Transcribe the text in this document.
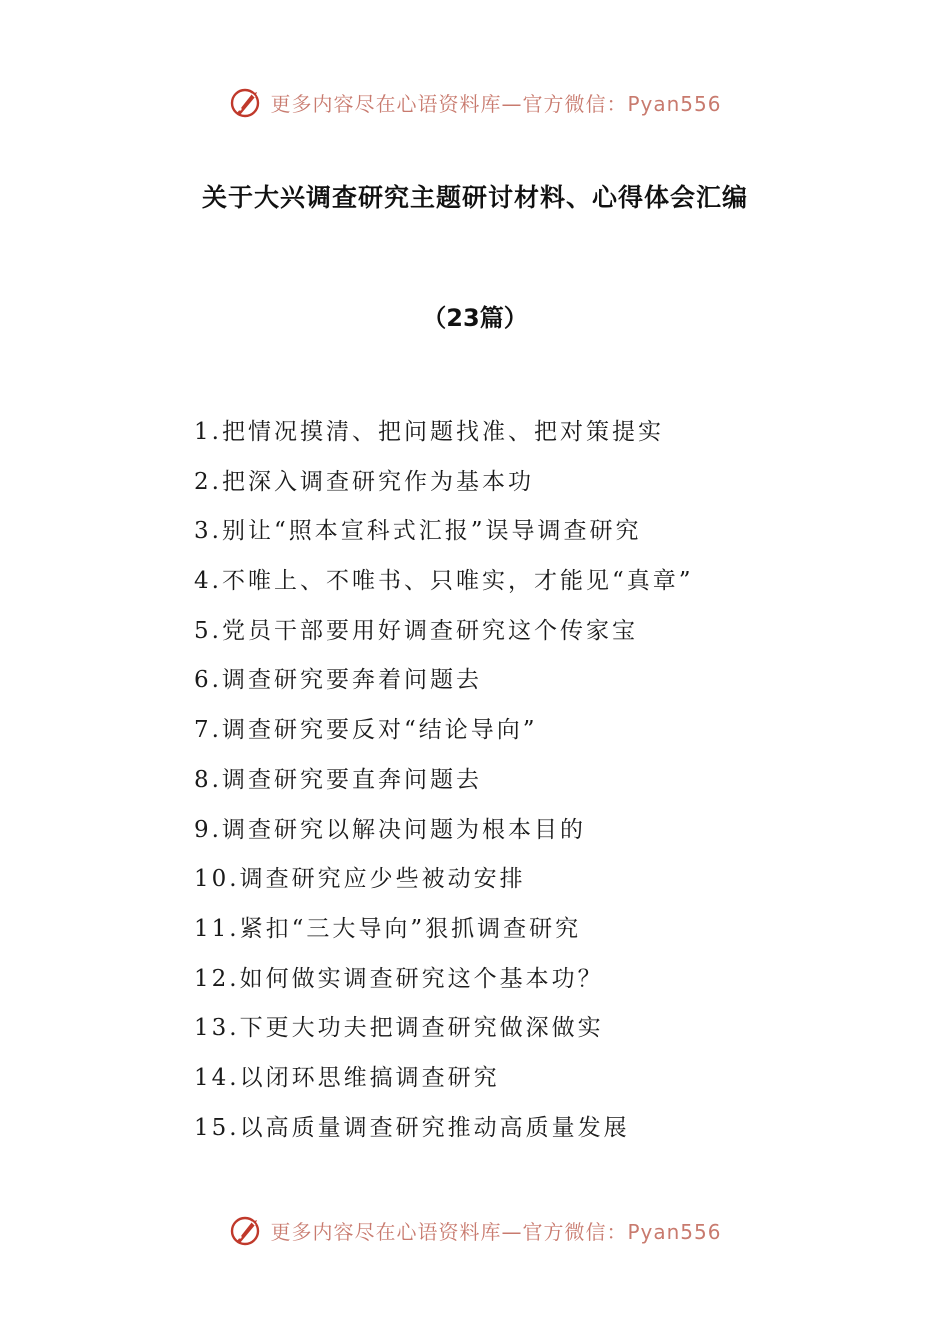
更多内容尽在心语资料库—官方微信：Pyan556
关于大兴调查研究主题研讨材料、心得体会汇编
（23篇）
1.把情况摸清、把问题找准、把对策提实
2.把深入调查研究作为基本功
3.别让“照本宣科式汇报”误导调查研究
4.不唯上、不唯书、只唯实，才能见“真章”
5.党员干部要用好调查研究这个传家宝
6.调查研究要奔着问题去
7.调查研究要反对“结论导向”
8.调查研究要直奔问题去
9.调查研究以解决问题为根本目的
10.调查研究应少些被动安排
11.紧扣“三大导向”狠抓调查研究
12.如何做实调查研究这个基本功？
13.下更大功夫把调查研究做深做实
14.以闭环思维搞调查研究
15.以高质量调查研究推动高质量发展
更多内容尽在心语资料库—官方微信：Pyan556
